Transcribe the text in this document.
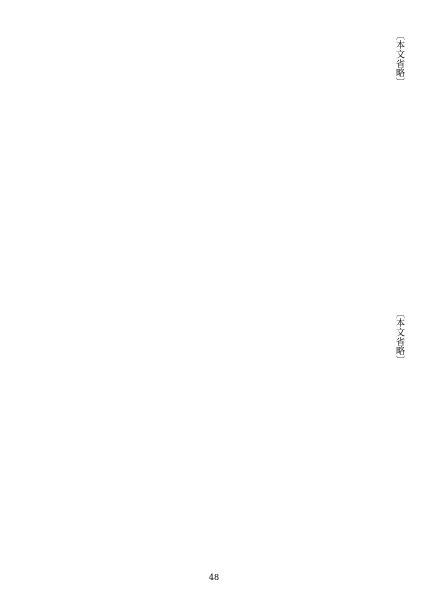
〔本文省略〕

〔本文省略〕

48
